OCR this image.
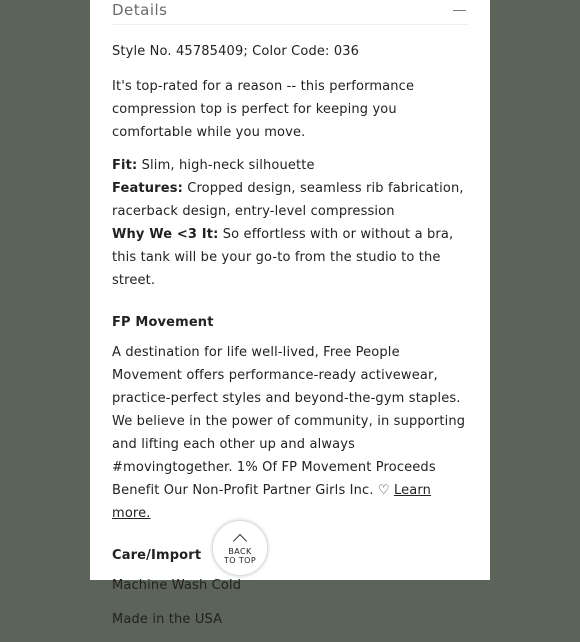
Details

Style No. 45785409; Color Code: 036

It's top-rated for a reason -- this performance compression top is perfect for keeping you comfortable while you move.

Fit: Slim, high-neck silhouette

Features: Cropped design, seamless rib fabrication, racerback design, entry-level compression

Why We <3 It: So effortless with or without a bra, this tank will be your go-to from the studio to the street.

FP Movement

A destination for life well-lived, Free People Movement offers performance-ready activewear, practice-perfect styles and beyond-the-gym staples. We believe in the power of community, in supporting and lifting each other up and always #movingtogether. 1% Of FP Movement Proceeds Benefit Our Non-Profit Partner Girls Inc. ♡ Learn more.

Care/Import

Machine Wash Cold

Made in the USA

BACK
TO TOP
